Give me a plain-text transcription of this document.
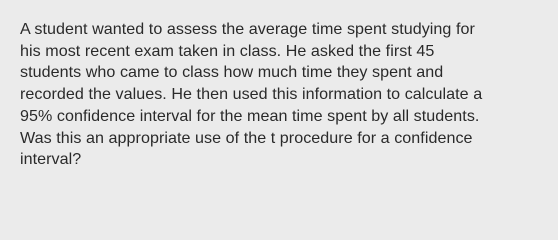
A student wanted to assess the average time spent studying for
his most recent exam taken in class. He asked the first 45
students who came to class how much time they spent and
recorded the values. He then used this information to calculate a
95% confidence interval for the mean time spent by all students.
Was this an appropriate use of the t procedure for a confidence
interval?
